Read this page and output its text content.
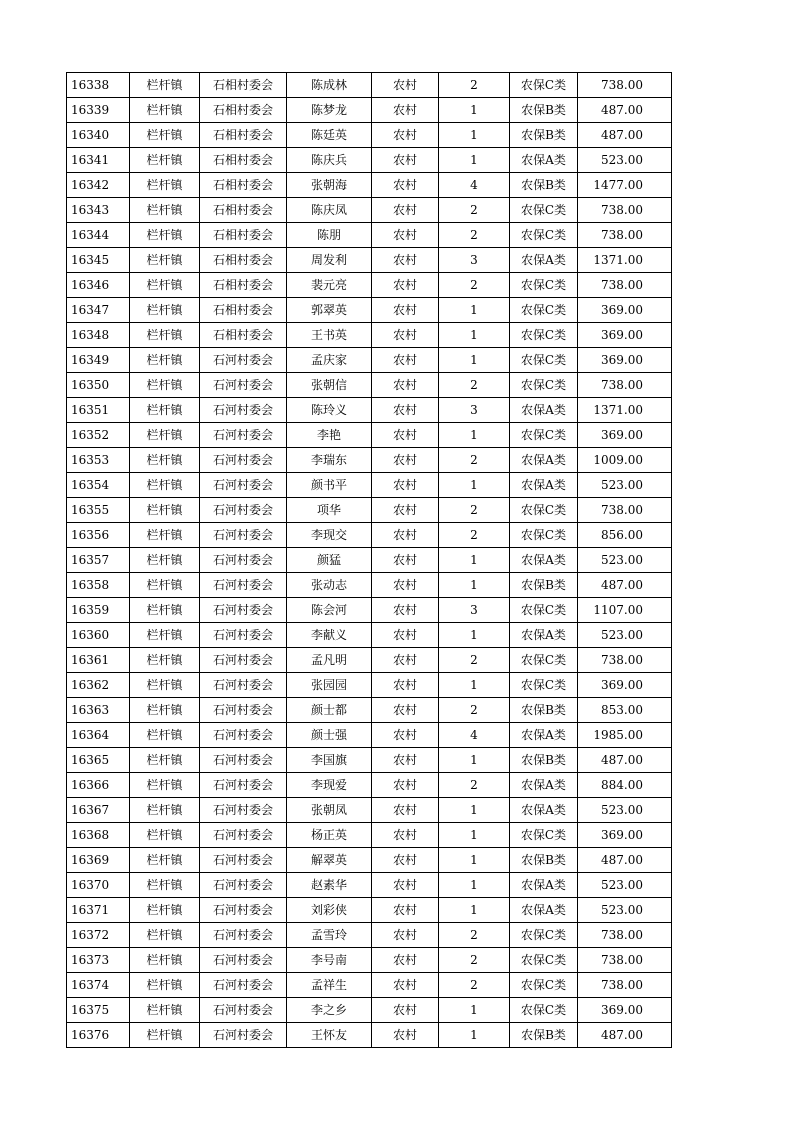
16338	栏杆镇	石相村委会	陈成林	农村	2	农保C类	738.00
16339	栏杆镇	石相村委会	陈梦龙	农村	1	农保B类	487.00
16340	栏杆镇	石相村委会	陈廷英	农村	1	农保B类	487.00
16341	栏杆镇	石相村委会	陈庆兵	农村	1	农保A类	523.00
16342	栏杆镇	石相村委会	张朝海	农村	4	农保B类	1477.00
16343	栏杆镇	石相村委会	陈庆凤	农村	2	农保C类	738.00
16344	栏杆镇	石相村委会	陈朋	农村	2	农保C类	738.00
16345	栏杆镇	石相村委会	周发利	农村	3	农保A类	1371.00
16346	栏杆镇	石相村委会	裴元亮	农村	2	农保C类	738.00
16347	栏杆镇	石相村委会	郭翠英	农村	1	农保C类	369.00
16348	栏杆镇	石相村委会	王书英	农村	1	农保C类	369.00
16349	栏杆镇	石河村委会	孟庆家	农村	1	农保C类	369.00
16350	栏杆镇	石河村委会	张朝信	农村	2	农保C类	738.00
16351	栏杆镇	石河村委会	陈玲义	农村	3	农保A类	1371.00
16352	栏杆镇	石河村委会	李艳	农村	1	农保C类	369.00
16353	栏杆镇	石河村委会	李瑞东	农村	2	农保A类	1009.00
16354	栏杆镇	石河村委会	颜书平	农村	1	农保A类	523.00
16355	栏杆镇	石河村委会	项华	农村	2	农保C类	738.00
16356	栏杆镇	石河村委会	李现交	农村	2	农保C类	856.00
16357	栏杆镇	石河村委会	颜猛	农村	1	农保A类	523.00
16358	栏杆镇	石河村委会	张动志	农村	1	农保B类	487.00
16359	栏杆镇	石河村委会	陈会河	农村	3	农保C类	1107.00
16360	栏杆镇	石河村委会	李献义	农村	1	农保A类	523.00
16361	栏杆镇	石河村委会	孟凡明	农村	2	农保C类	738.00
16362	栏杆镇	石河村委会	张园园	农村	1	农保C类	369.00
16363	栏杆镇	石河村委会	颜士都	农村	2	农保B类	853.00
16364	栏杆镇	石河村委会	颜士强	农村	4	农保A类	1985.00
16365	栏杆镇	石河村委会	李国旗	农村	1	农保B类	487.00
16366	栏杆镇	石河村委会	李现爱	农村	2	农保A类	884.00
16367	栏杆镇	石河村委会	张朝凤	农村	1	农保A类	523.00
16368	栏杆镇	石河村委会	杨正英	农村	1	农保C类	369.00
16369	栏杆镇	石河村委会	解翠英	农村	1	农保B类	487.00
16370	栏杆镇	石河村委会	赵素华	农村	1	农保A类	523.00
16371	栏杆镇	石河村委会	刘彩侠	农村	1	农保A类	523.00
16372	栏杆镇	石河村委会	孟雪玲	农村	2	农保C类	738.00
16373	栏杆镇	石河村委会	李号南	农村	2	农保C类	738.00
16374	栏杆镇	石河村委会	孟祥生	农村	2	农保C类	738.00
16375	栏杆镇	石河村委会	李之乡	农村	1	农保C类	369.00
16376	栏杆镇	石河村委会	王怀友	农村	1	农保B类	487.00
